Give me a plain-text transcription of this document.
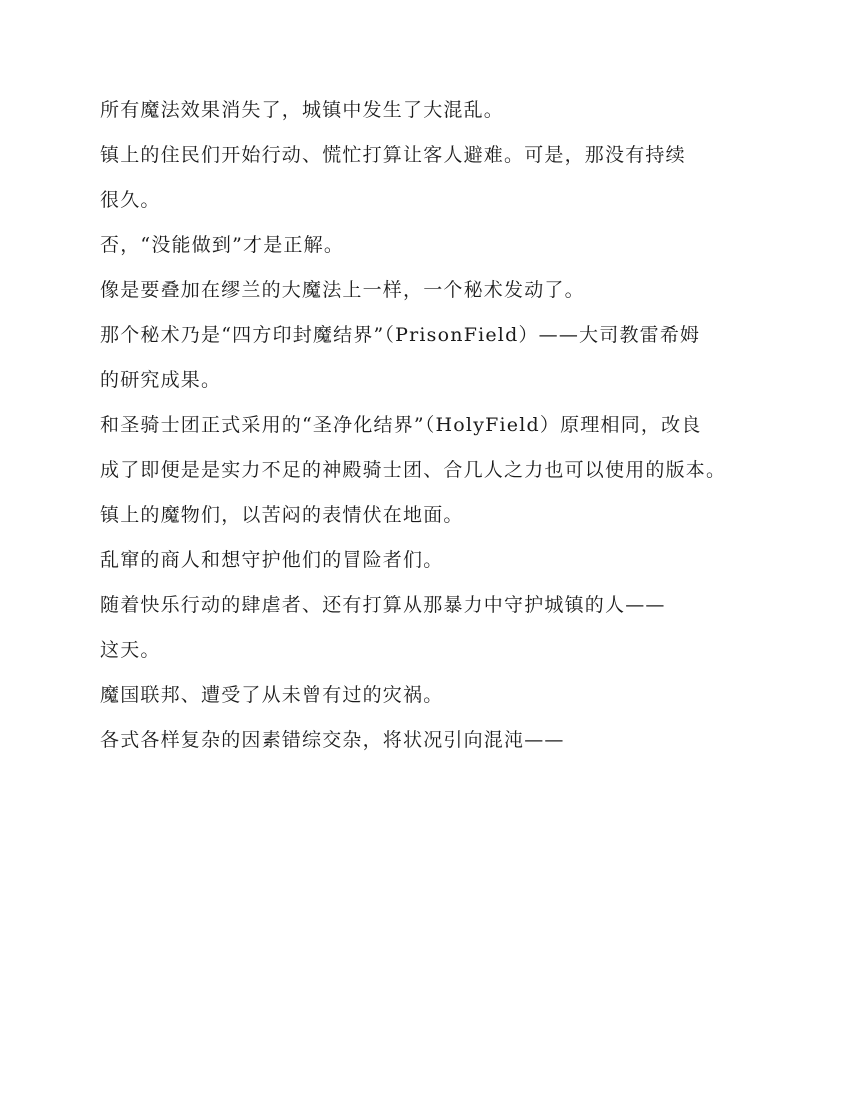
所有魔法效果消失了，城镇中发生了大混乱。
镇上的住民们开始行动、慌忙打算让客人避难。可是，那没有持续
很久。
否，“没能做到”才是正解。
像是要叠加在缪兰的大魔法上一样，一个秘术发动了。
那个秘术乃是“四方印封魔结界”（PrisonField）——大司教雷希姆
的研究成果。
和圣骑士团正式采用的“圣净化结界”（HolyField）原理相同，改良
成了即便是是实力不足的神殿骑士团、合几人之力也可以使用的版本。
镇上的魔物们，以苦闷的表情伏在地面。
乱窜的商人和想守护他们的冒险者们。
随着快乐行动的肆虐者、还有打算从那暴力中守护城镇的人——
这天。
魔国联邦、遭受了从未曾有过的灾祸。
各式各样复杂的因素错综交杂，将状况引向混沌——
